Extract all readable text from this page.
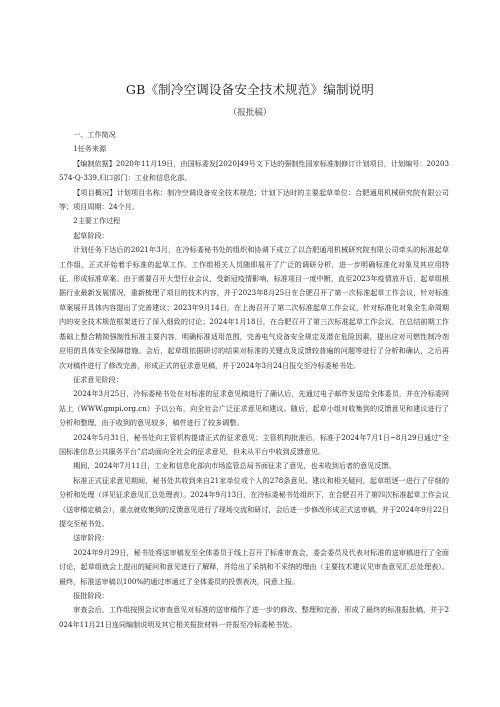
GB《制冷空调设备安全技术规范》编制说明
（报批稿）

一、工作简况

1任务来源

【编制依据】2020年11月19日，由国标委发[2020]49号文下达的强制性国家标准制修订计划项目，计划编号：20203574-Q-339,归口部门：工业和信息化部。

【项目概况】计划项目名称：制冷空调设备安全技术规范；计划下达时的主要起草单位：合肥通用机械研究院有限公司等；项目周期：24个月。

2主要工作过程

起草阶段：

计划任务下达后的2021年3月，在冷标委秘书处的组织和协调下成立了以合肥通用机械研究院有限公司牵头的标准起草工作组，正式开始着手标准的起草工作。工作组相关人员随即展开了广泛的调研分析，进一步明确标准化对象及其应用特征，形成标准草案。由于需要召开大型行业会议，受新冠疫情影响，标准项目一度中断，直至2023年疫情放开后，起草组根据行业最新发展情况，重新梳理了项目的技术内容，并于2023年8月25日在合肥召开了第一次标准起草工作会议，针对标准草案展开具体内容提出了完善建议；2023年9月14日，在上海召开了第二次标准起草工作会议，针对标准化对象全生命周期内的安全技术规范框架进行了深入细致的讨论；2024年1月18日，在合肥召开了第三次标准起草工作会议，在总结前期工作基础上整合精简强制性标准主要内容，明确标准适用范围，完善电气设备安全规定及潜在危险因素，提出应对可燃性制冷剂应用的具体安全保障措施。会后，起草组依据研讨的结果对标准的关键点及反馈较普遍的问题等进行了分析和确认，之后再次对稿件进行了修改完善，形成正式的征求意见稿，并于2024年3月24日报交至冷标委秘书处。

征求意见阶段：

2024年3月25日，冷标委秘书处在对标准的征求意见稿进行了确认后，先通过电子邮件发送给全体委员，并在冷标委网站上（WWW.gmpi.org.cn）予以公布，向全社会广泛征求意见和建议。随后，起草小组对收集到的反馈意见和建议进行了分析和整理，由于收到的意见较多，稿件进行了较多调整。

2024年5月31日，秘书处向主管机构提请正式的征求意见；主管机构批准后，标准于2024年7月1日~8月29日通过“全国标准信息公共服务平台”启动面向全社会的征求意见，但未从平台中收到反馈意见。

期间，2024年7月11日，工业和信息化部向市场监管总局书面征求了意见，也未收到后者的意见反馈。

标准正式征求意见期间，秘书处共收到来自21家单位或个人的278条意见、建议和相关疑问，起草组逐一进行了仔细的分析和处理（详见征求意见汇总处理表）。2024年9月13日，在冷标委秘书处组织下，在合肥召开了第四次标准起草工作会议（送审稿定稿会），重点就收集到的反馈意见进行了现场交流和研讨，会后进一步修改形成正式送审稿，并于2024年9月22日提交至秘书处。

送审阶段：

2024年9月29日，秘书处将送审稿发至全体委员于线上召开了标准审查会，委会委员及代表对标准的送审稿进行了全面讨论，起草组就会上提出的疑问和意见进行了解释，并给出了采纳和不采纳的理由（主要技术建议见审查意见汇总处理表）。最终，标准送审稿以100%的通过率通过了全体委员的投票表决，同意上报。

报批阶段：

审查会后，工作组按照会议审查意见对标准的送审稿作了进一步的修改、整理和完善，形成了最终的标准报批稿，并于2024年11月21日连同编制说明及其它相关报批材料一并报至冷标委秘书处。
